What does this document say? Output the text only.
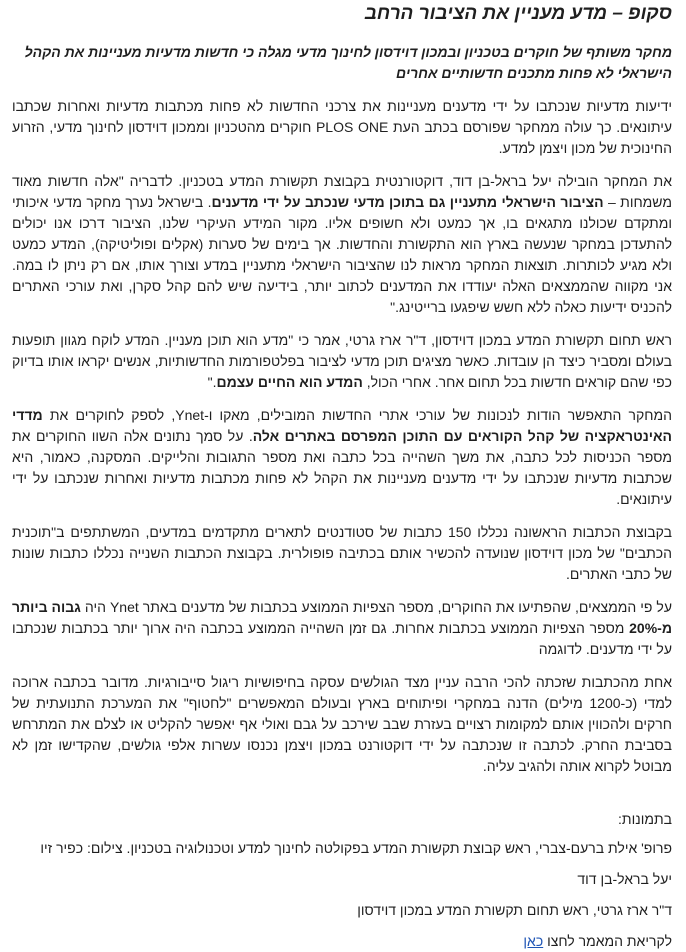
סקופ – מדע מעניין את הציבור הרחב
מחקר משותף של חוקרים בטכניון ובמכון דוידסון לחינוך מדעי מגלה כי חדשות מדעיות מעניינות את הקהל הישראלי לא פחות מתכנים חדשותיים אחרים
ידיעות מדעיות שנכתבו על ידי מדענים מעניינות את צרכני החדשות לא פחות מכתבות מדעיות ואחרות שכתבו עיתונאים. כך עולה ממחקר שפורסם בכתב העת PLOS ONE חוקרים מהטכניון וממכון דוידסון לחינוך מדעי, הזרוע החינוכית של מכון ויצמן למדע.
את המחקר הובילה יעל בראל-בן דוד, דוקטורנטית בקבוצת תקשורת המדע בטכניון. לדבריה "אלה חדשות מאוד משמחות – הציבור הישראלי מתעניין גם בתוכן מדעי שנכתב על ידי מדענים. בישראל נערך מחקר מדעי איכותי ומתקדם שכולנו מתגאים בו, אך כמעט ולא חשופים אליו. מקור המידע העיקרי שלנו, הציבור דרכו אנו יכולים להתעדכן במחקר שנעשה בארץ הוא התקשורת והחדשות. אך בימים של סערות (אקלים ופוליטיקה), המדע כמעט ולא מגיע לכותרות. תוצאות המחקר מראות לנו שהציבור הישראלי מתעניין במדע וצורך אותו, אם רק ניתן לו במה. אני מקווה שהממצאים האלה יעודדו את המדענים לכתוב יותר, בידיעה שיש להם קהל סקרן, ואת עורכי האתרים להכניס ידיעות כאלה ללא חשש שיפגעו ברייטינג."
ראש תחום תקשורת המדע במכון דוידסון, ד"ר ארז גרטי, אמר כי "מדע הוא תוכן מעניין. המדע לוקח מגוון תופעות בעולם ומסביר כיצד הן עובדות. כאשר מציגים תוכן מדעי לציבור בפלטפורמות החדשותיות, אנשים יקראו אותו בדיוק כפי שהם קוראים חדשות בכל תחום אחר. אחרי הכול, המדע הוא החיים עצמם."
המחקר התאפשר הודות לנכונות של עורכי אתרי החדשות המובילים, מאקו ו-Ynet, לספק לחוקרים את מדדי האינטראקציה של קהל הקוראים עם התוכן המפרסם באתרים אלה. על סמך נתונים אלה השוו החוקרים את מספר הכניסות לכל כתבה, את משך השהייה בכל כתבה ואת מספר התגובות והלייקים. המסקנה, כאמור, היא שכתבות מדעיות שנכתבו על ידי מדענים מעניינות את הקהל לא פחות מכתבות מדעיות ואחרות שנכתבו על ידי עיתונאים.
בקבוצת הכתבות הראשונה נכללו 150 כתבות של סטודנטים לתארים מתקדמים במדעים, המשתתפים ב"תוכנית הכתבים" של מכון דוידסון שנועדה להכשיר אותם בכתיבה פופולרית. בקבוצת הכתבות השנייה נכללו כתבות שונות של כתבי האתרים.
על פי הממצאים, שהפתיעו את החוקרים, מספר הצפיות הממוצע בכתבות של מדענים באתר Ynet היה גבוה ביותר מ-20% מספר הצפיות הממוצע בכתבות אחרות. גם זמן השהייה הממוצע בכתבה היה ארוך יותר בכתבות שנכתבו על ידי מדענים. לדוגמה
אחת מהכתבות שזכתה להכי הרבה עניין מצד הגולשים עסקה בחיפושיות ריגול סייבורגיות. מדובר בכתבה ארוכה למדי (כ-1200 מילים) הדנה במחקרי ופיתוחים בארץ ובעולם המאפשרים "לחטוף" את המערכת התנועתית של חרקים ולהכווין אותם למקומות רצויים בעזרת שבב שירכב על גבם ואולי אף יאפשר להקליט או לצלם את המתרחש בסביבת החרק. לכתבה זו שנכתבה על ידי דוקטורנט במכון ויצמן נכנסו עשרות אלפי גולשים, שהקדישו זמן לא מבוטל לקרוא אותה ולהגיב עליה.
בתמונות:
פרופ' אילת ברעם-צברי, ראש קבוצת תקשורת המדע בפקולטה לחינוך למדע וטכנולוגיה בטכניון. צילום: כפיר זיו
יעל בראל-בן דוד
ד"ר ארז גרטי, ראש תחום תקשורת המדע במכון דוידסון
לקריאת המאמר לחצו כאן
